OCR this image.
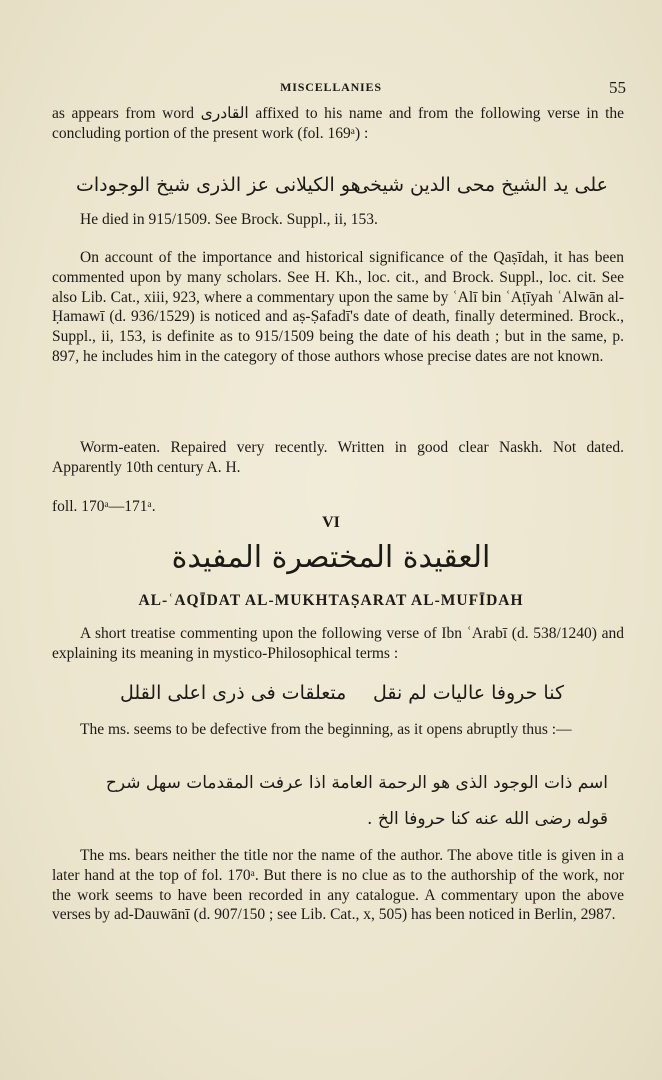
MISCELLANIES	55

as appears from word القادرى affixed to his name and from the following verse in the concluding portion of the present work (fol. 169ᵃ) :

على يد الشيخ محى الدين شيخى
هو الكيلانى عز الذرى شيخ الوجودات

He died in 915/1509. See Brock. Suppl., ii, 153.

On account of the importance and historical significance of the Qaṣīdah, it has been commented upon by many scholars. See H. Kh., loc. cit., and Brock. Suppl., loc. cit. See also Lib. Cat., xiii, 923, where a commentary upon the same by ʿAlī bin ʿAṭīyah ʿAlwān al-Ḥamawī (d. 936/1529) is noticed and aṣ-Ṣafadī's date of death, finally determined. Brock., Suppl., ii, 153, is definite as to 915/1509 being the date of his death ; but in the same, p. 897, he includes him in the category of those authors whose precise dates are not known.

Worm-eaten. Repaired very recently. Written in good clear Naskh. Not dated. Apparently 10th century A. H.

foll. 170ᵃ—171ᵃ.
VI
العقيدة المختصرة المفيدة
AL-ʿAQĪDAT AL-MUKHTAṢARAT AL-MUFĪDAH

A short treatise commenting upon the following verse of Ibn ʿArabī (d. 538/1240) and explaining its meaning in mystico-Philosophical terms :

كنا حروفا عاليات لم نقل
متعلقات فى ذرى اعلى القلل

The ms. seems to be defective from the beginning, as it opens abruptly thus :—

اسم ذات الوجود الذى هو الرحمة العامة اذا عرفت المقدمات سهل شرح
قوله رضى الله عنه كنا حروفا الخ .

The ms. bears neither the title nor the name of the author. The above title is given in a later hand at the top of fol. 170ᵃ. But there is no clue as to the authorship of the work, nor the work seems to have been recorded in any catalogue. A commentary upon the above verses by ad-Dauwānī (d. 907/150 ; see Lib. Cat., x, 505) has been noticed in Berlin, 2987.
